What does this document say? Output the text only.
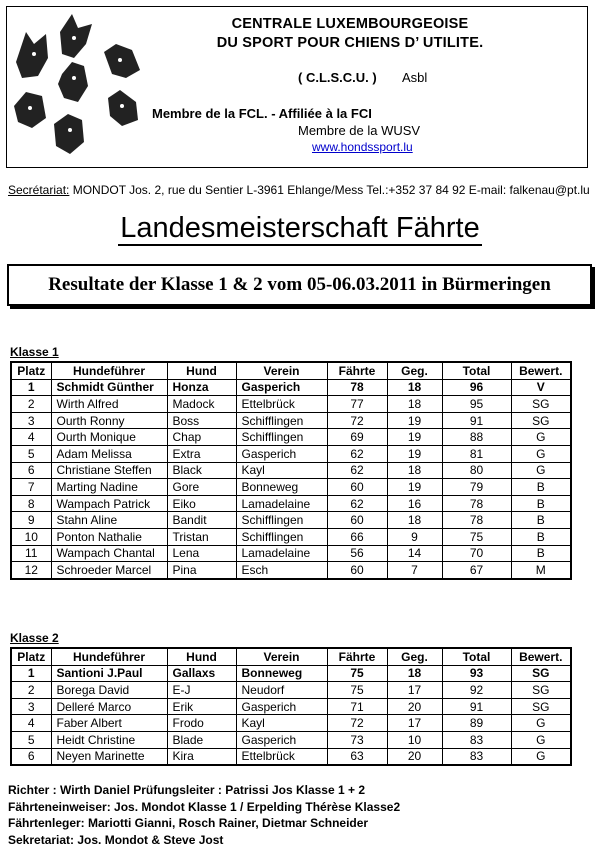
CENTRALE LUXEMBOURGEOISE
DU SPORT POUR CHIENS D’ UTILITE.
( C.L.S.C.U. ) Asbl
Membre de la FCL. - Affiliée à la FCI
Membre de la WUSV
www.hondssport.lu
Secrétariat: MONDOT Jos. 2, rue du Sentier L-3961 Ehlange/Mess Tel.:+352 37 84 92 E-mail: falkenau@pt.lu
Landesmeisterschaft Fährte
Resultate der Klasse 1 & 2 vom 05-06.03.2011 in Bürmeringen
Klasse 1
Platz	Hundeführer	Hund	Verein	Fährte	Geg.	Total	Bewert.
1	Schmidt Günther	Honza	Gasperich	78	18	96	V
2	Wirth Alfred	Madock	Ettelbrück	77	18	95	SG
3	Ourth Ronny	Boss	Schifflingen	72	19	91	SG
4	Ourth Monique	Chap	Schifflingen	69	19	88	G
5	Adam Melissa	Extra	Gasperich	62	19	81	G
6	Christiane Steffen	Black	Kayl	62	18	80	G
7	Marting Nadine	Gore	Bonneweg	60	19	79	B
8	Wampach Patrick	Eiko	Lamadelaine	62	16	78	B
9	Stahn Aline	Bandit	Schifflingen	60	18	78	B
10	Ponton Nathalie	Tristan	Schifflingen	66	9	75	B
11	Wampach Chantal	Lena	Lamadelaine	56	14	70	B
12	Schroeder Marcel	Pina	Esch	60	7	67	M
Klasse 2
Platz	Hundeführer	Hund	Verein	Fährte	Geg.	Total	Bewert.
1	Santioni J.Paul	Gallaxs	Bonneweg	75	18	93	SG
2	Borega David	E-J	Neudorf	75	17	92	SG
3	Delleré Marco	Erik	Gasperich	71	20	91	SG
4	Faber Albert	Frodo	Kayl	72	17	89	G
5	Heidt Christine	Blade	Gasperich	73	10	83	G
6	Neyen Marinette	Kira	Ettelbrück	63	20	83	G
Richter : Wirth Daniel Prüfungsleiter : Patrissi Jos Klasse 1 + 2
Fährteneinweiser: Jos. Mondot Klasse 1 / Erpelding Thérèse Klasse2
Fährtenleger: Mariotti Gianni, Rosch Rainer, Dietmar Schneider
Sekretariat: Jos. Mondot & Steve Jost
